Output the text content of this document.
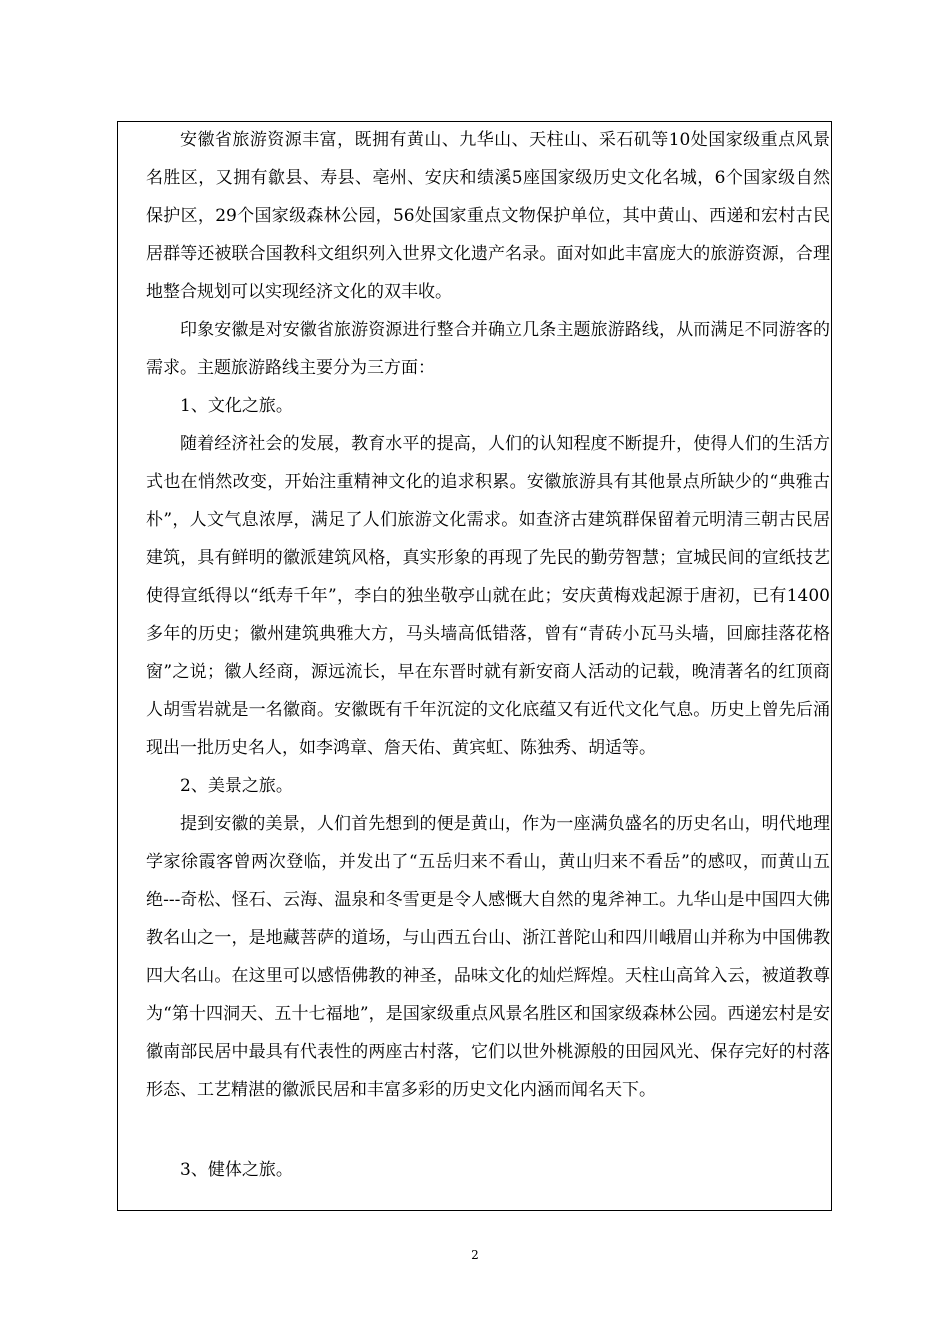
安徽省旅游资源丰富，既拥有黄山、九华山、天柱山、采石矶等10处国家级重点风景名胜区，又拥有歙县、寿县、亳州、安庆和绩溪5座国家级历史文化名城，6个国家级自然保护区，29个国家级森林公园，56处国家重点文物保护单位，其中黄山、西递和宏村古民居群等还被联合国教科文组织列入世界文化遗产名录。面对如此丰富庞大的旅游资源，合理地整合规划可以实现经济文化的双丰收。

印象安徽是对安徽省旅游资源进行整合并确立几条主题旅游路线，从而满足不同游客的需求。主题旅游路线主要分为三方面：

1、文化之旅。

随着经济社会的发展，教育水平的提高，人们的认知程度不断提升，使得人们的生活方式也在悄然改变，开始注重精神文化的追求积累。安徽旅游具有其他景点所缺少的“典雅古朴”，人文气息浓厚，满足了人们旅游文化需求。如查济古建筑群保留着元明清三朝古民居建筑，具有鲜明的徽派建筑风格，真实形象的再现了先民的勤劳智慧；宣城民间的宣纸技艺使得宣纸得以“纸寿千年”，李白的独坐敬亭山就在此；安庆黄梅戏起源于唐初，已有1400多年的历史；徽州建筑典雅大方，马头墙高低错落，曾有“青砖小瓦马头墙，回廊挂落花格窗”之说；徽人经商，源远流长，早在东晋时就有新安商人活动的记载，晚清著名的红顶商人胡雪岩就是一名徽商。安徽既有千年沉淀的文化底蕴又有近代文化气息。历史上曾先后涌现出一批历史名人，如李鸿章、詹天佑、黄宾虹、陈独秀、胡适等。

2、美景之旅。

提到安徽的美景，人们首先想到的便是黄山，作为一座满负盛名的历史名山，明代地理学家徐霞客曾两次登临，并发出了“五岳归来不看山，黄山归来不看岳”的感叹，而黄山五绝---奇松、怪石、云海、温泉和冬雪更是令人感慨大自然的鬼斧神工。九华山是中国四大佛教名山之一，是地藏菩萨的道场，与山西五台山、浙江普陀山和四川峨眉山并称为中国佛教四大名山。在这里可以感悟佛教的神圣，品味文化的灿烂辉煌。天柱山高耸入云，被道教尊为“第十四洞天、五十七福地”，是国家级重点风景名胜区和国家级森林公园。西递宏村是安徽南部民居中最具有代表性的两座古村落，它们以世外桃源般的田园风光、保存完好的村落形态、工艺精湛的徽派民居和丰富多彩的历史文化内涵而闻名天下。

3、健体之旅。

2
